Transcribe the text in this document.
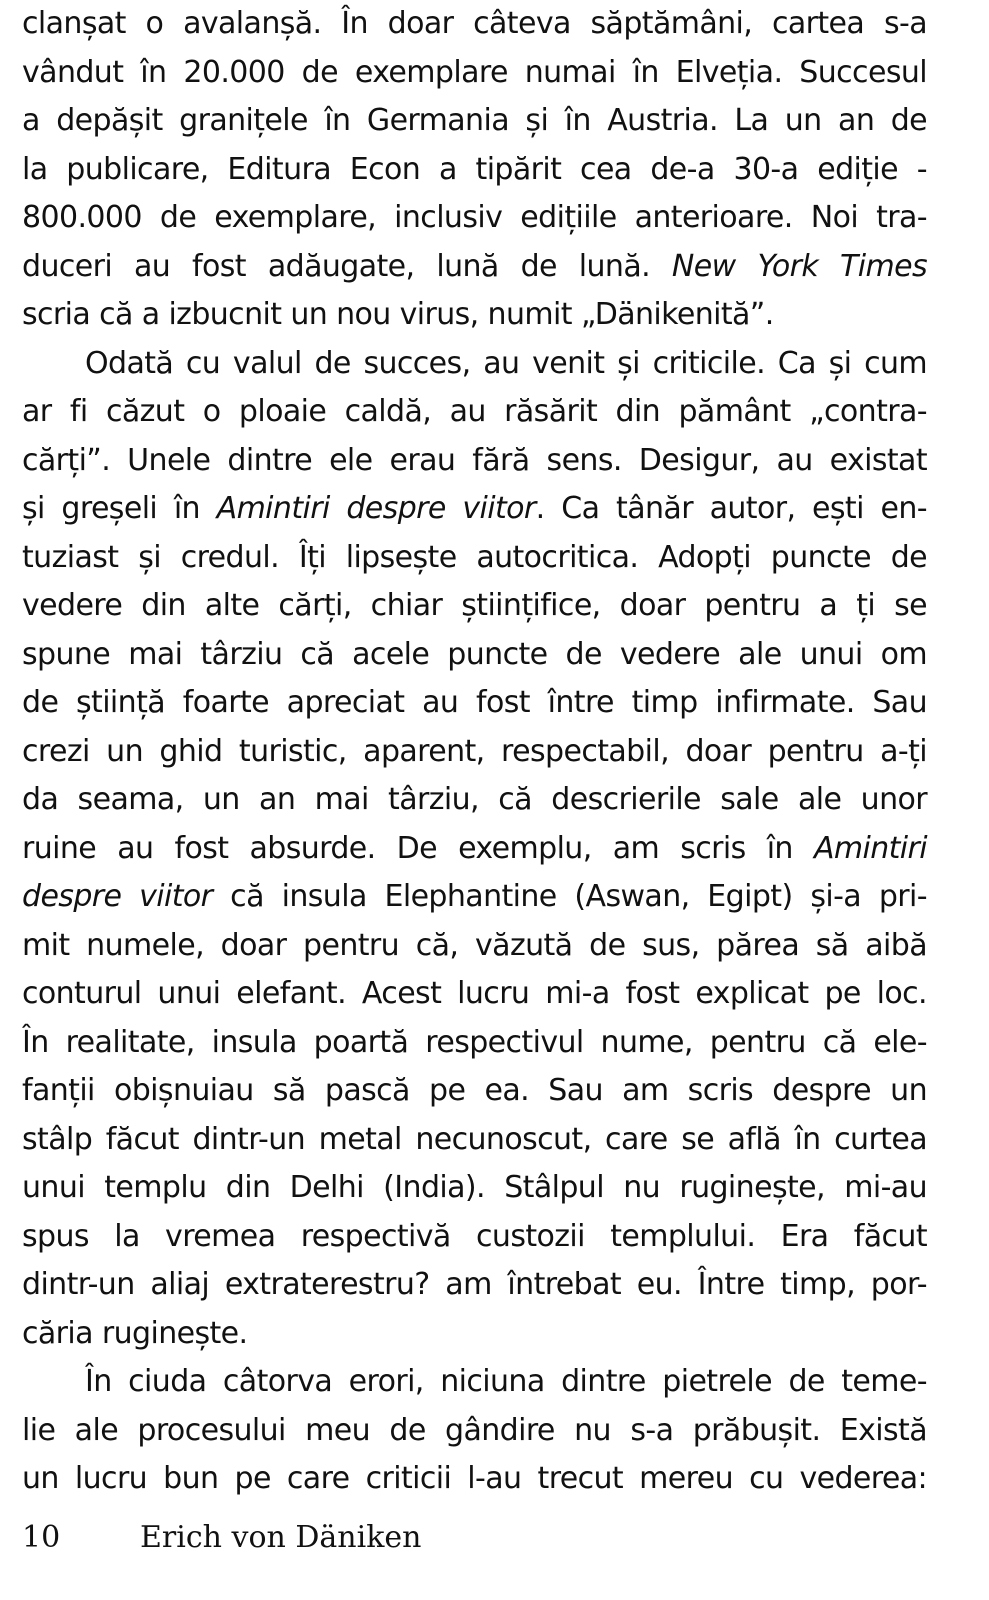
clanșat o avalanșă. În doar câteva săptămâni, cartea s-a
vândut în 20.000 de exemplare numai în Elveția. Succesul
a depășit granițele în Germania și în Austria. La un an de
la publicare, Editura Econ a tipărit cea de-a 30-a ediție -
800.000 de exemplare, inclusiv edițiile anterioare. Noi tra-
duceri au fost adăugate, lună de lună. New York Times
scria că a izbucnit un nou virus, numit „Dänikenită”.
Odată cu valul de succes, au venit și criticile. Ca și cum
ar fi căzut o ploaie caldă, au răsărit din pământ „contra-
cărți”. Unele dintre ele erau fără sens. Desigur, au existat
și greșeli în Amintiri despre viitor. Ca tânăr autor, ești en-
tuziast și credul. Îți lipsește autocritica. Adopți puncte de
vedere din alte cărți, chiar științifice, doar pentru a ți se
spune mai târziu că acele puncte de vedere ale unui om
de știință foarte apreciat au fost între timp infirmate. Sau
crezi un ghid turistic, aparent, respectabil, doar pentru a-ți
da seama, un an mai târziu, că descrierile sale ale unor
ruine au fost absurde. De exemplu, am scris în Amintiri
despre viitor că insula Elephantine (Aswan, Egipt) și-a pri-
mit numele, doar pentru că, văzută de sus, părea să aibă
conturul unui elefant. Acest lucru mi-a fost explicat pe loc.
În realitate, insula poartă respectivul nume, pentru că ele-
fanții obișnuiau să pască pe ea. Sau am scris despre un
stâlp făcut dintr-un metal necunoscut, care se află în curtea
unui templu din Delhi (India). Stâlpul nu ruginește, mi-au
spus la vremea respectivă custozii templului. Era făcut
dintr-un aliaj extraterestru? am întrebat eu. Între timp, por-
căria ruginește.
În ciuda câtorva erori, niciuna dintre pietrele de teme-
lie ale procesului meu de gândire nu s-a prăbușit. Există
un lucru bun pe care criticii l-au trecut mereu cu vederea:
10	Erich von Däniken
